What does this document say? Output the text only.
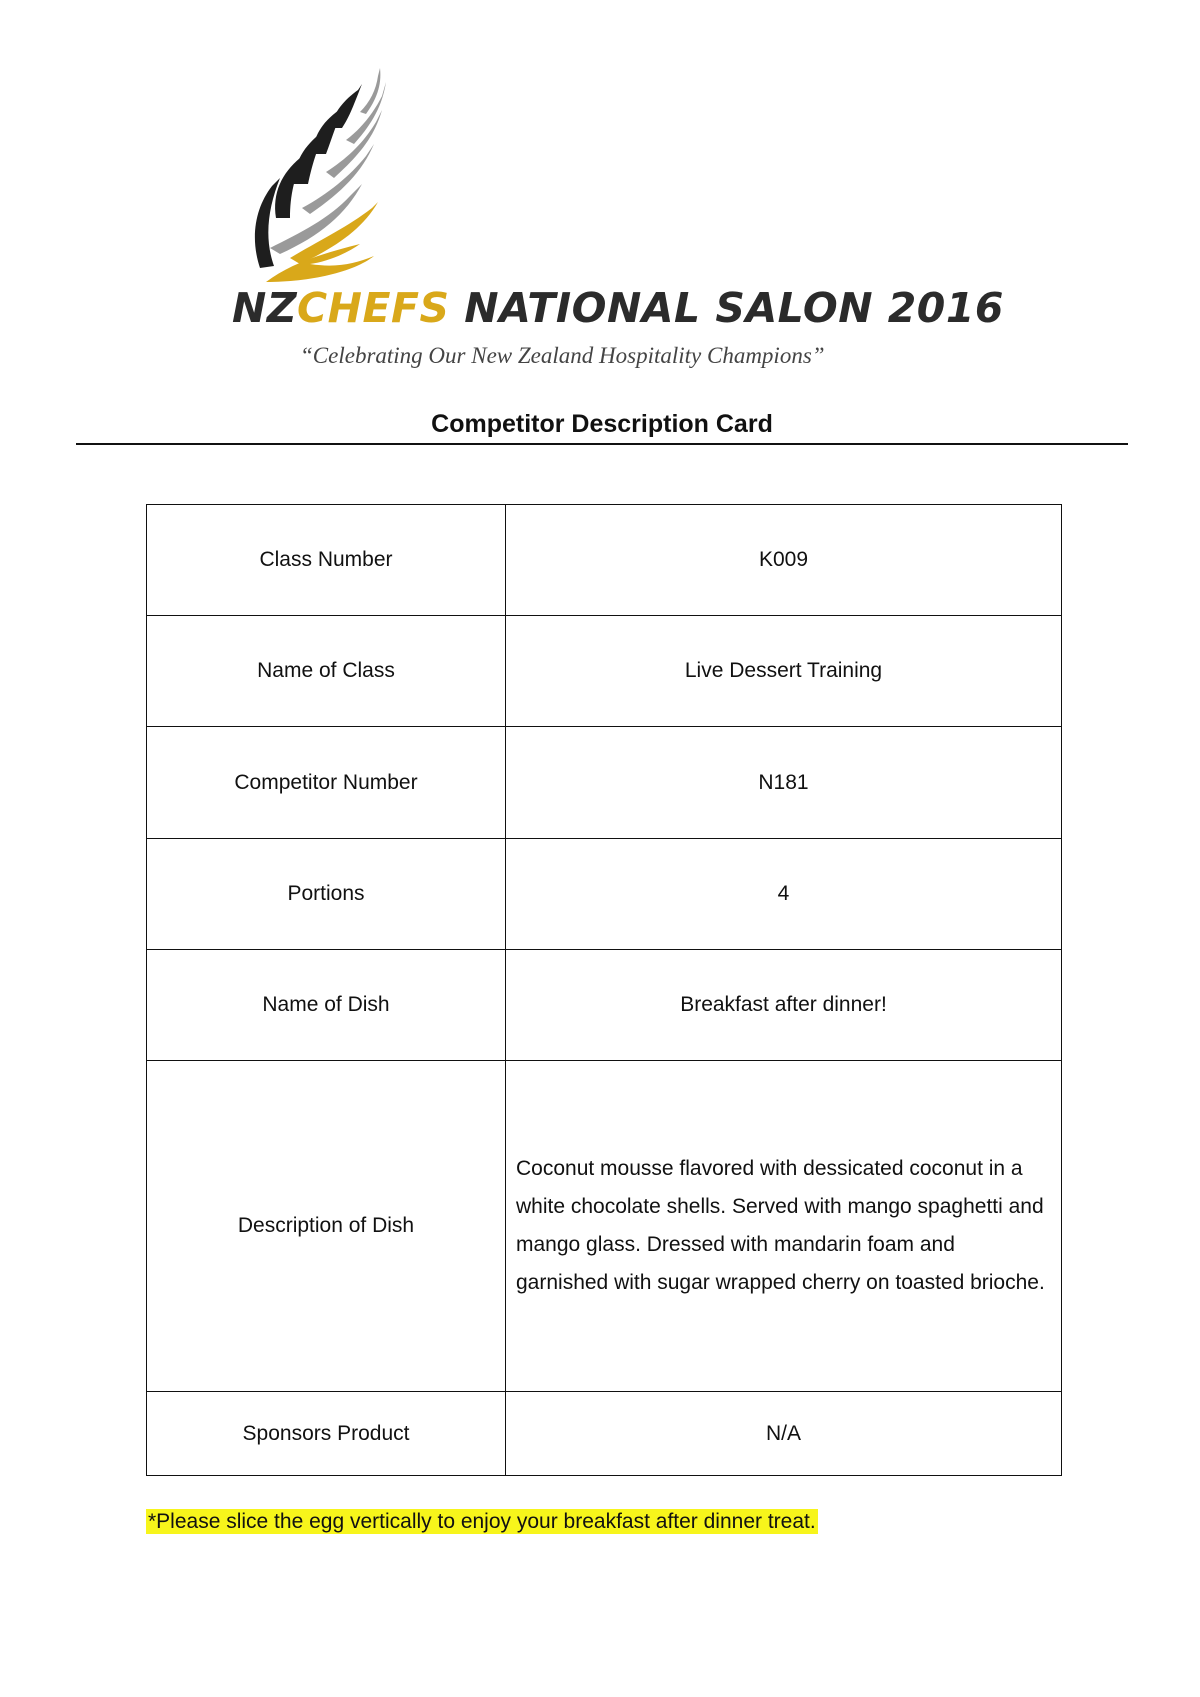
NZCHEFS NATIONAL SALON 2016
“Celebrating Our New Zealand Hospitality Champions”
Competitor Description Card
Class Number	K009
Name of Class	Live Dessert Training
Competitor Number	N181
Portions	4
Name of Dish	Breakfast after dinner!
Description of Dish	Coconut mousse flavored with dessicated coconut in a white chocolate shells. Served with mango spaghetti and mango glass. Dressed with mandarin foam and garnished with sugar wrapped cherry on toasted brioche.
Sponsors Product	N/A
*Please slice the egg vertically to enjoy your breakfast after dinner treat.
